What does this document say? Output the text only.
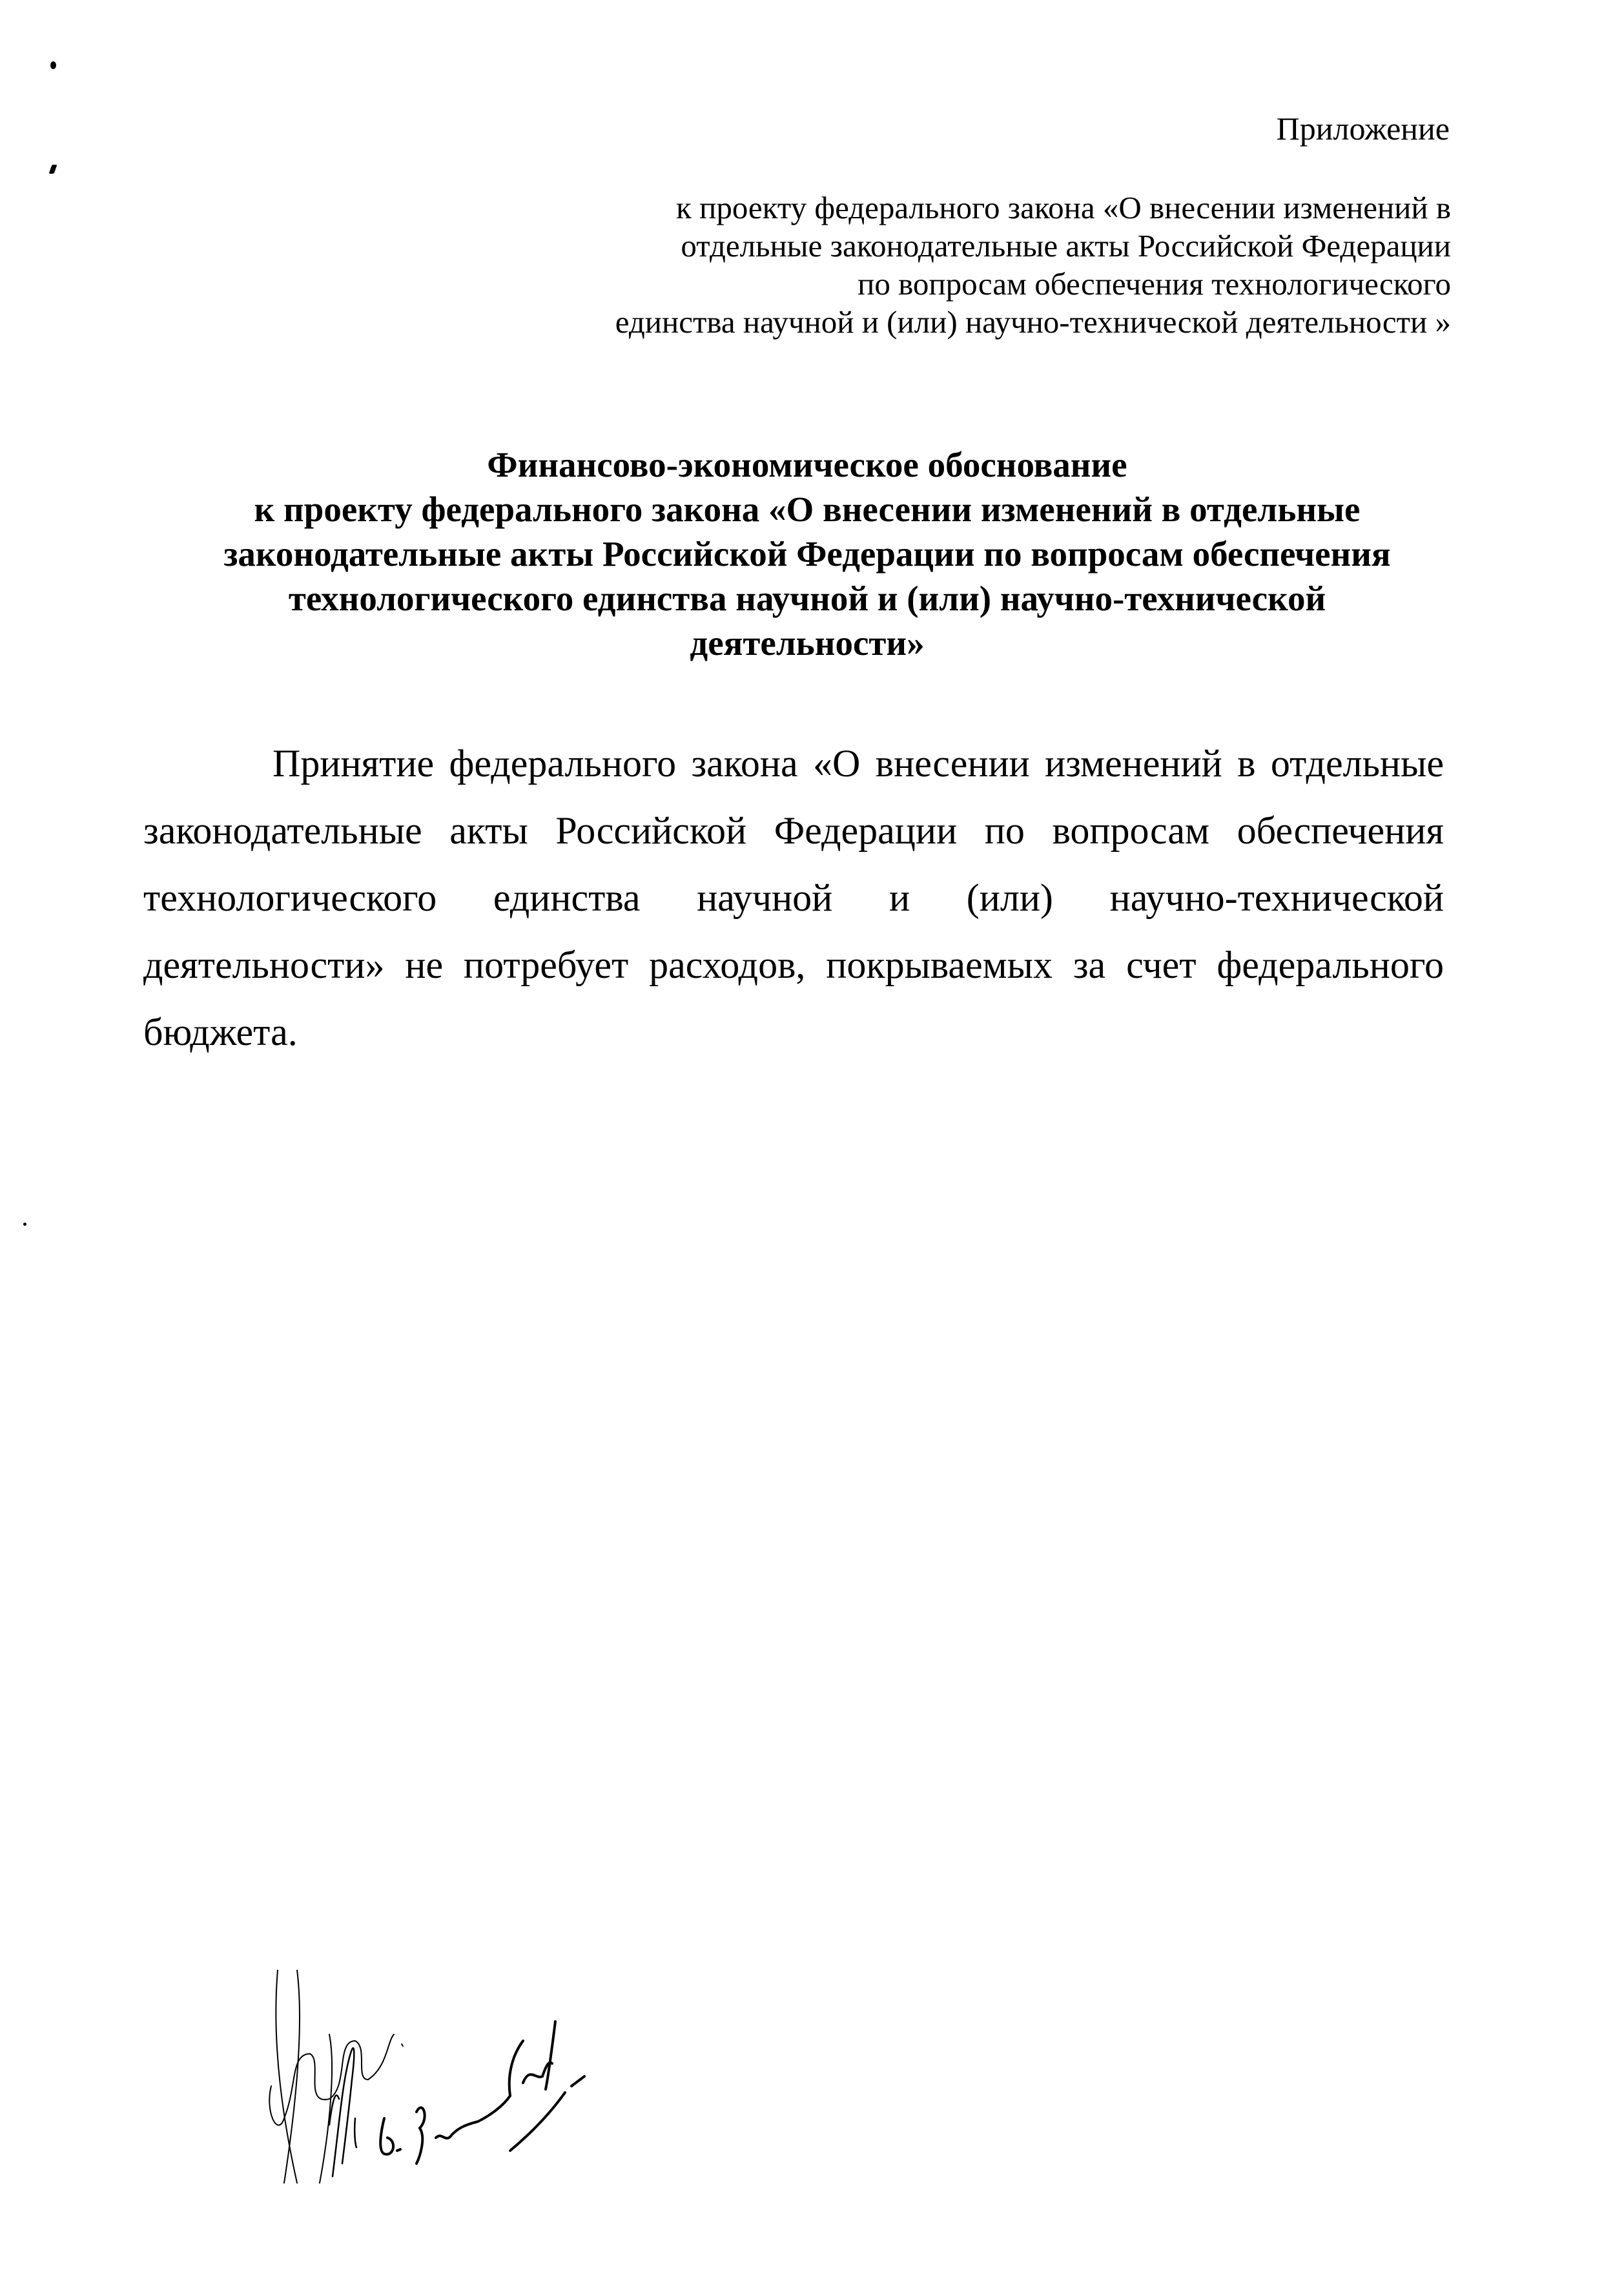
Приложение
к проекту федерального закона «О внесении изменений в
отдельные законодательные акты Российской Федерации
по вопросам обеспечения технологического
единства научной и (или) научно-технической деятельности »
Финансово-экономическое обоснование
к проекту федерального закона «О внесении изменений в отдельные
законодательные акты Российской Федерации по вопросам обеспечения
технологического единства научной и (или) научно-технической
деятельности»

Принятие федерального закона «О внесении изменений в отдельные законодательные акты Российской Федерации по вопросам обеспечения технологического единства научной и (или) научно-технической деятельности» не потребует расходов, покрываемых за счет федерального бюджета.
